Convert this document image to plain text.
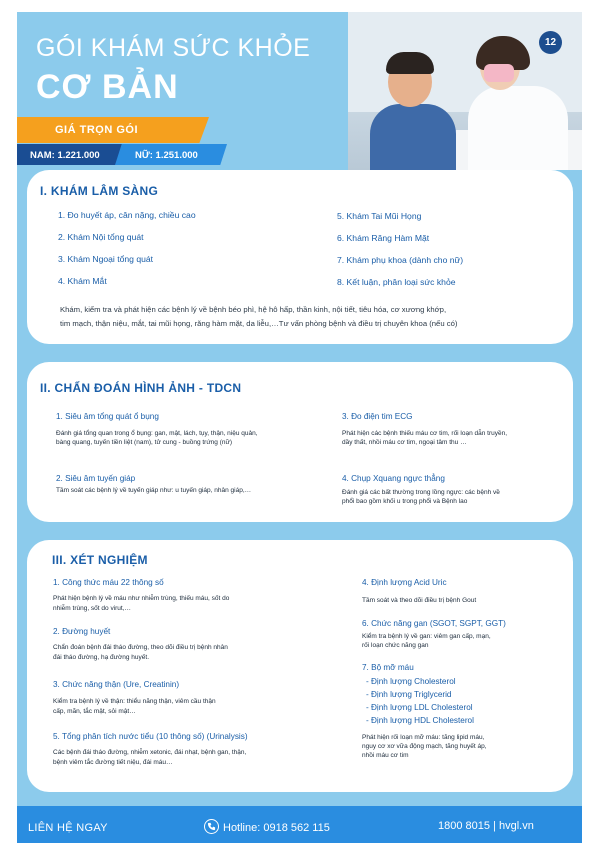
GÓI KHÁM SỨC KHỎE
CƠ BẢN
12
GIÁ TRỌN GÓI
NAM: 1.221.000	NỮ: 1.251.000
I. KHÁM LÂM SÀNG
1. Đo huyết áp, cân nặng, chiều cao
2. Khám Nội tổng quát
3. Khám Ngoại tổng quát
4. Khám Mắt
5. Khám Tai Mũi Họng
6. Khám Răng Hàm Mặt
7. Khám phụ khoa (dành cho nữ)
8. Kết luận, phân loại sức khỏe
Khám, kiểm tra và phát hiện các bệnh lý về bệnh béo phì, hệ hô hấp, thần kinh, nội tiết, tiêu hóa, cơ xương khớp,
tim mạch, thận niệu, mắt, tai mũi họng, răng hàm mặt, da liễu,…Tư vấn phòng bệnh và điều trị chuyên khoa (nếu có)
II. CHẨN ĐOÁN HÌNH ẢNH - TDCN
1. Siêu âm tổng quát ổ bụng
Đánh giá tổng quan trong ổ bụng: gan, mật, lách, tụy, thận, niệu quản,
bàng quang, tuyến tiền liệt (nam), tử cung - buồng trứng (nữ)
2. Siêu âm tuyến giáp
Tầm soát các bệnh lý về tuyến giáp như: u tuyến giáp, nhân giáp,…
3. Đo điện tim ECG
Phát hiện các bệnh thiếu máu cơ tim, rối loạn dẫn truyền,
dầy thất, nhồi máu cơ tim, ngoại tâm thu …
4. Chụp Xquang ngực thẳng
Đánh giá các bất thường trong lồng ngực: các bệnh về
phổi bao gồm khối u trong phổi và Bệnh lao
III. XÉT NGHIỆM
1. Công thức máu 22 thông số
Phát hiện bệnh lý về máu như nhiễm trùng, thiếu máu, sốt do
nhiễm trùng, sốt do virut,…
2. Đường huyết
Chẩn đoán bệnh đái tháo đường, theo dõi điều trị bệnh nhân
đái tháo đường, hạ đường huyết.
3. Chức năng thận (Ure, Creatinin)
Kiểm tra bệnh lý về thận: thiểu năng thận, viêm cầu thận
cấp, mãn, tắc mật, sỏi mật…
5. Tổng phân tích nước tiểu (10 thông số) (Urinalysis)
Các bệnh đái tháo đường, nhiễm xetonic, đái nhạt, bệnh gan, thận,
bệnh viêm tắc đường tiết niệu, đái máu…
4. Định lượng Acid Uric
Tầm soát và theo dõi điều trị bệnh Gout
6. Chức năng gan (SGOT, SGPT, GGT)
Kiểm tra bệnh lý về gan: viêm gan cấp, mạn,
rối loạn chức năng gan
7. Bộ mỡ máu
- Định lượng Cholesterol
- Định lượng Triglycerid
- Định lượng LDL Cholesterol
- Định lượng HDL Cholesterol
Phát hiện rối loạn mỡ máu: tăng lipid máu,
nguy cơ xơ vữa động mạch, tăng huyết áp,
nhồi máu cơ tim
LIÊN HỆ NGAY	Hotline: 0918 562 115	1800 8015 | hvgl.vn
